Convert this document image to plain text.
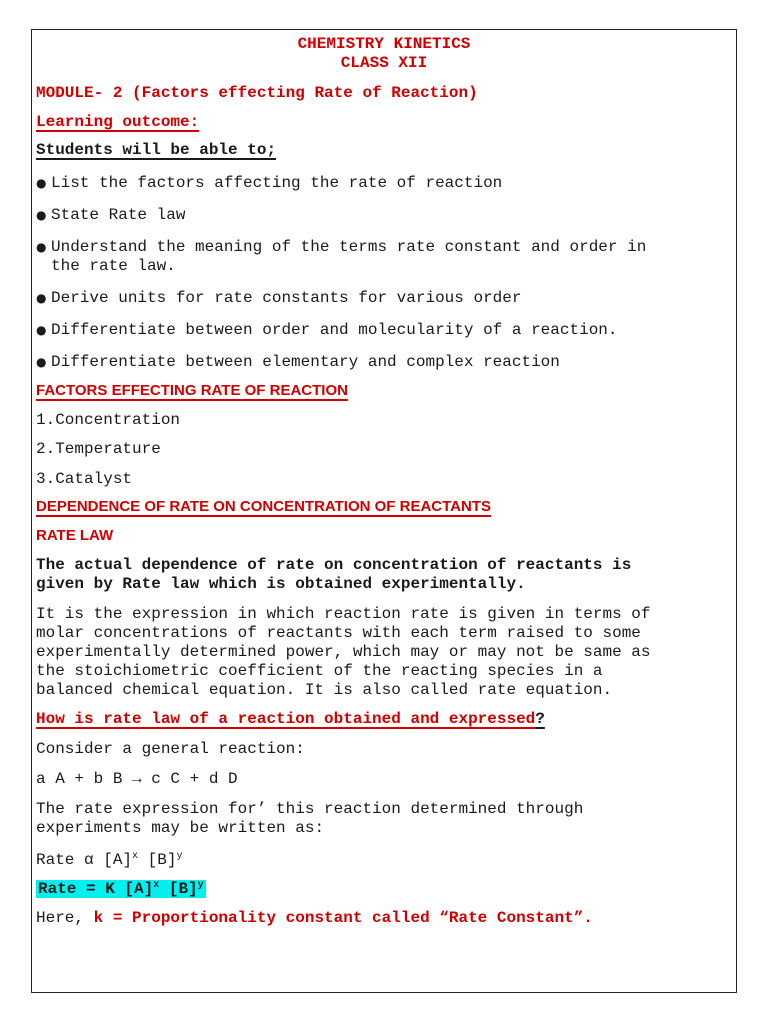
CHEMISTRY KINETICS
CLASS XII
MODULE- 2 (Factors effecting Rate of Reaction)
Learning outcome:
Students will be able to;
● List the factors affecting the rate of reaction
● State Rate law
● Understand the meaning of the terms rate constant and order in
the rate law.
● Derive units for rate constants for various order
● Differentiate between order and molecularity of a reaction.
● Differentiate between elementary and complex reaction
FACTORS EFFECTING RATE OF REACTION
1.Concentration
2.Temperature
3.Catalyst
DEPENDENCE OF RATE ON CONCENTRATION OF REACTANTS
RATE LAW
The actual dependence of rate on concentration of reactants is
given by Rate law which is obtained experimentally.
It is the expression in which reaction rate is given in terms of
molar concentrations of reactants with each term raised to some
experimentally determined power, which may or may not be same as
the stoichiometric coefficient of the reacting species in a
balanced chemical equation. It is also called rate equation.
How is rate law of a reaction obtained and expressed?
Consider a general reaction:
a A + b B → c C + d D
The rate expression for’ this reaction determined through
experiments may be written as:
Rate α $[A]^x$ $[B]^y$
Rate = K $[A]^x$ $[B]^y$
Here, k = Proportionality constant called “Rate Constant”.
